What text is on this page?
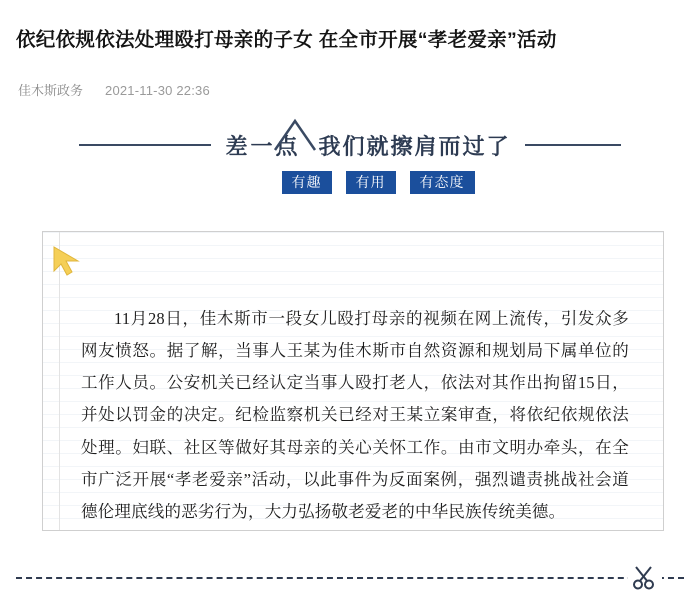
依纪依规依法处理殴打母亲的子女 在全市开展“孝老爱亲”活动
佳木斯政务 2021-11-30 22:36
差一点 我们就擦肩而过了
有趣	有用	有态度

11月28日，佳木斯市一段女儿殴打母亲的视频在网上流传，引发众多网友愤怒。据了解，当事人王某为佳木斯市自然资源和规划局下属单位的工作人员。公安机关已经认定当事人殴打老人，依法对其作出拘留15日，并处以罚金的决定。纪检监察机关已经对王某立案审查，将依纪依规依法处理。妇联、社区等做好其母亲的关心关怀工作。由市文明办牵头，在全市广泛开展“孝老爱亲”活动，以此事件为反面案例，强烈谴责挑战社会道德伦理底线的恶劣行为，大力弘扬敬老爱老的中华民族传统美德。
